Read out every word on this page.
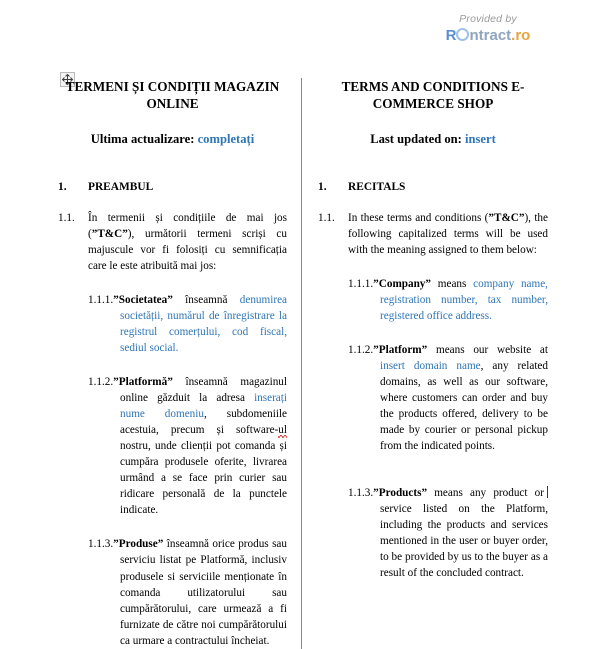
Provided by
R ntract.ro
TERMENI ȘI CONDIȚII MAGAZIN ONLINE
Ultima actualizare: completați
1.	PREAMBUL
1.1.	În termenii și condițiile de mai jos (”T&C”), următorii termeni scriși cu majuscule vor fi folosiți cu semnificația care le este atribuită mai jos:
1.1.1.”Societatea” înseamnă denumirea societății, numărul de înregistrare la registrul comerțului, cod fiscal, sediul social.
1.1.2.”Platformă” înseamnă magazinul online găzduit la adresa inserați nume domeniu, subdomeniile acestuia, precum și software-ul nostru, unde clienții pot comanda și cumpăra produsele oferite, livrarea urmând a se face prin curier sau ridicare personală de la punctele indicate.
1.1.3.”Produse” înseamnă orice produs sau serviciu listat pe Platformă, inclusiv produsele si serviciile menționate în comanda utilizatorului sau cumpărătorului, care urmează a fi furnizate de către noi cumpărătorului ca urmare a contractului încheiat.
TERMS AND CONDITIONS E-COMMERCE SHOP
Last updated on: insert
1.	RECITALS
1.1.	In these terms and conditions (”T&C”), the following capitalized terms will be used with the meaning assigned to them below:
1.1.1.”Company” means company name, registration number, tax number, registered office address.
1.1.2.”Platform” means our website at insert domain name, any related domains, as well as our software, where customers can order and buy the products offered, delivery to be made by courier or personal pickup from the indicated points.
1.1.3.”Products” means any product or service listed on the Platform, including the products and services mentioned in the user or buyer order, to be provided by us to the buyer as a result of the concluded contract.
